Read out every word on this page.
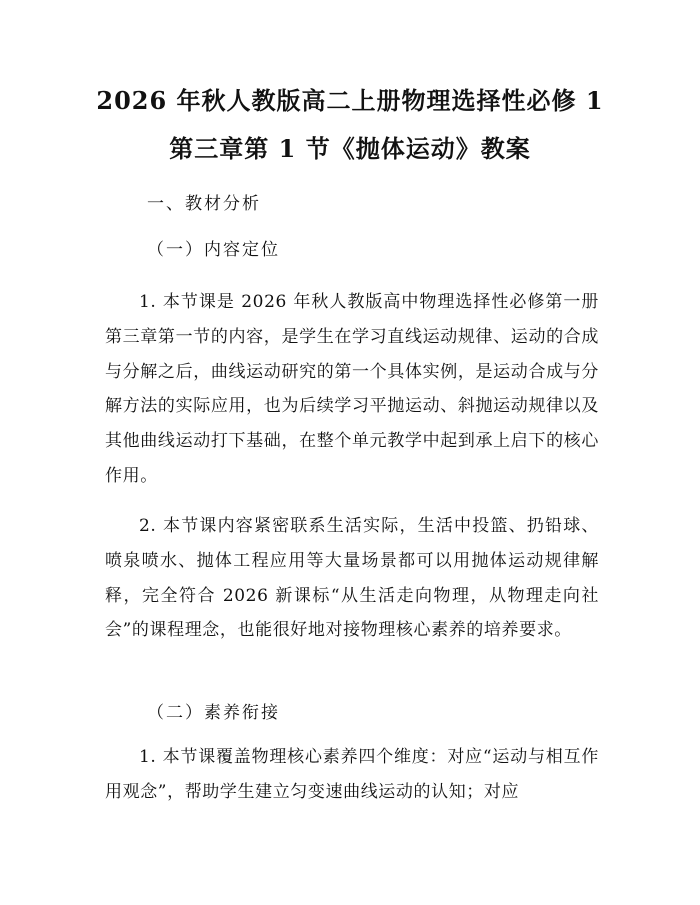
2026 年秋人教版高二上册物理选择性必修 1
第三章第 1 节《抛体运动》教案
一、教材分析
（一）内容定位
1. 本节课是 2026 年秋人教版高中物理选择性必修第一册第三章第一节的内容，是学生在学习直线运动规律、运动的合成与分解之后，曲线运动研究的第一个具体实例，是运动合成与分解方法的实际应用，也为后续学习平抛运动、斜抛运动规律以及其他曲线运动打下基础，在整个单元教学中起到承上启下的核心作用。
2. 本节课内容紧密联系生活实际，生活中投篮、扔铅球、喷泉喷水、抛体工程应用等大量场景都可以用抛体运动规律解释，完全符合 2026 新课标“从生活走向物理，从物理走向社会”的课程理念，也能很好地对接物理核心素养的培养要求。
（二）素养衔接
1. 本节课覆盖物理核心素养四个维度：对应“运动与相互作用观念”，帮助学生建立匀变速曲线运动的认知；对应
